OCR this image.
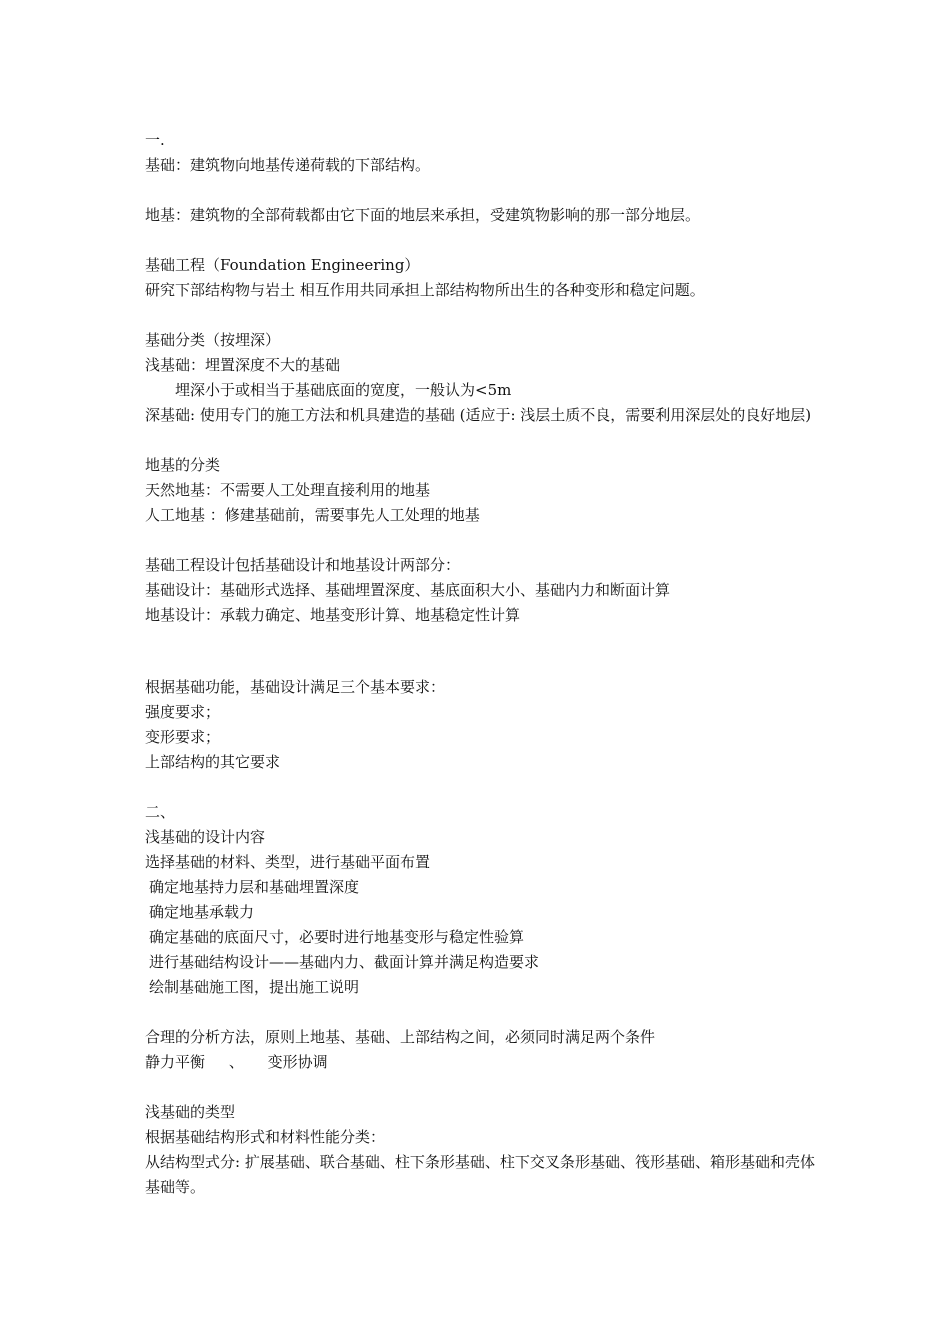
一.
基础：建筑物向地基传递荷载的下部结构。
地基：建筑物的全部荷载都由它下面的地层来承担，受建筑物影响的那一部分地层。
基础工程（Foundation Engineering）
研究下部结构物与岩土 相互作用共同承担上部结构物所出生的各种变形和稳定问题。
基础分类（按埋深）
浅基础：埋置深度不大的基础
埋深小于或相当于基础底面的宽度，一般认为<5m
深基础: 使用专门的施工方法和机具建造的基础 (适应于: 浅层土质不良，需要利用深层处的良好地层)
地基的分类
天然地基：不需要人工处理直接利用的地基
人工地基 ：修建基础前，需要事先人工处理的地基
基础工程设计包括基础设计和地基设计两部分：
基础设计：基础形式选择、基础埋置深度、基底面积大小、基础内力和断面计算
地基设计：承载力确定、地基变形计算、地基稳定性计算
根据基础功能，基础设计满足三个基本要求：
强度要求；
变形要求；
上部结构的其它要求
二、
浅基础的设计内容
选择基础的材料、类型，进行基础平面布置
确定地基持力层和基础埋置深度
确定地基承载力
确定基础的底面尺寸，必要时进行地基变形与稳定性验算
进行基础结构设计——基础内力、截面计算并满足构造要求
绘制基础施工图，提出施工说明
合理的分析方法，原则上地基、基础、上部结构之间，必须同时满足两个条件
静力平衡     、     变形协调
浅基础的类型
根据基础结构形式和材料性能分类：
从结构型式分: 扩展基础、联合基础、柱下条形基础、柱下交叉条形基础、筏形基础、箱形基础和壳体基础等。
